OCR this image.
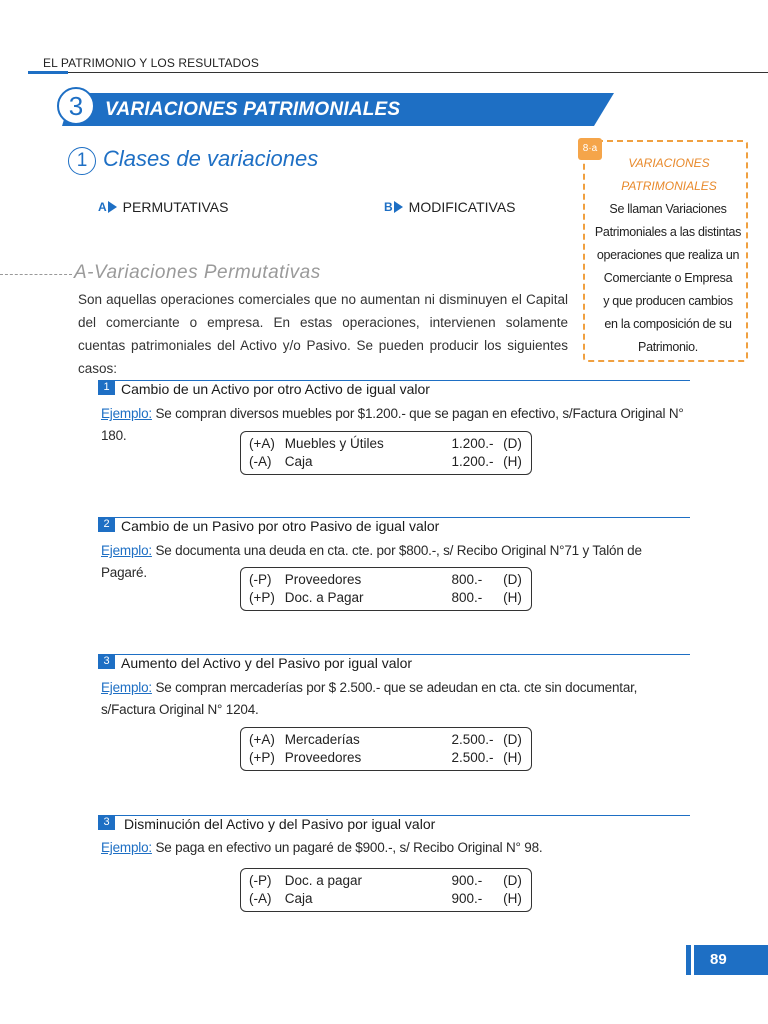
EL PATRIMONIO Y LOS RESULTADOS
3	VARIACIONES PATRIMONIALES
1 Clases de variaciones
A PERMUTATIVAS	B MODIFICATIVAS
8·a
VARIACIONES
PATRIMONIALES
Se llaman Variaciones
Patrimoniales a las distintas
operaciones que realiza un
Comerciante o Empresa
y que producen cambios
en la composición de su
Patrimonio.
A-Variaciones Permutativas
Son aquellas operaciones comerciales que no aumentan ni disminuyen el Capital del comerciante o empresa. En estas operaciones, intervienen solamente cuentas patrimoniales del Activo y/o Pasivo. Se pueden producir los siguientes casos:
1 Cambio de un Activo por otro Activo de igual valor
Ejemplo: Se compran diversos muebles por $1.200.- que se pagan en efectivo, s/Factura Original N° 180.
(+A) Muebles y Útiles	1.200.- (D)
(-A) Caja	1.200.- (H)
2 Cambio de un Pasivo por otro Pasivo de igual valor
Ejemplo: Se documenta una deuda en cta. cte. por $800.-, s/ Recibo Original N°71 y Talón de Pagaré.	(-P) Proveedores	800.-	(D)
(+P) Doc. a Pagar	800.-	(H)
3 Aumento del Activo y del Pasivo por igual valor
Ejemplo: Se compran mercaderías por $ 2.500.- que se adeudan en cta. cte sin documentar, s/Factura Original N° 1204.
(+A) Mercaderías	2.500.- (D)
(+P) Proveedores	2.500.- (H)
3	Disminución del Activo y del Pasivo por igual valor
Ejemplo: Se paga en efectivo un pagaré de $900.-, s/ Recibo Original N° 98.
(-P) Doc. a pagar	900.-	(D)
(-A) Caja	900.-	(H)
89
